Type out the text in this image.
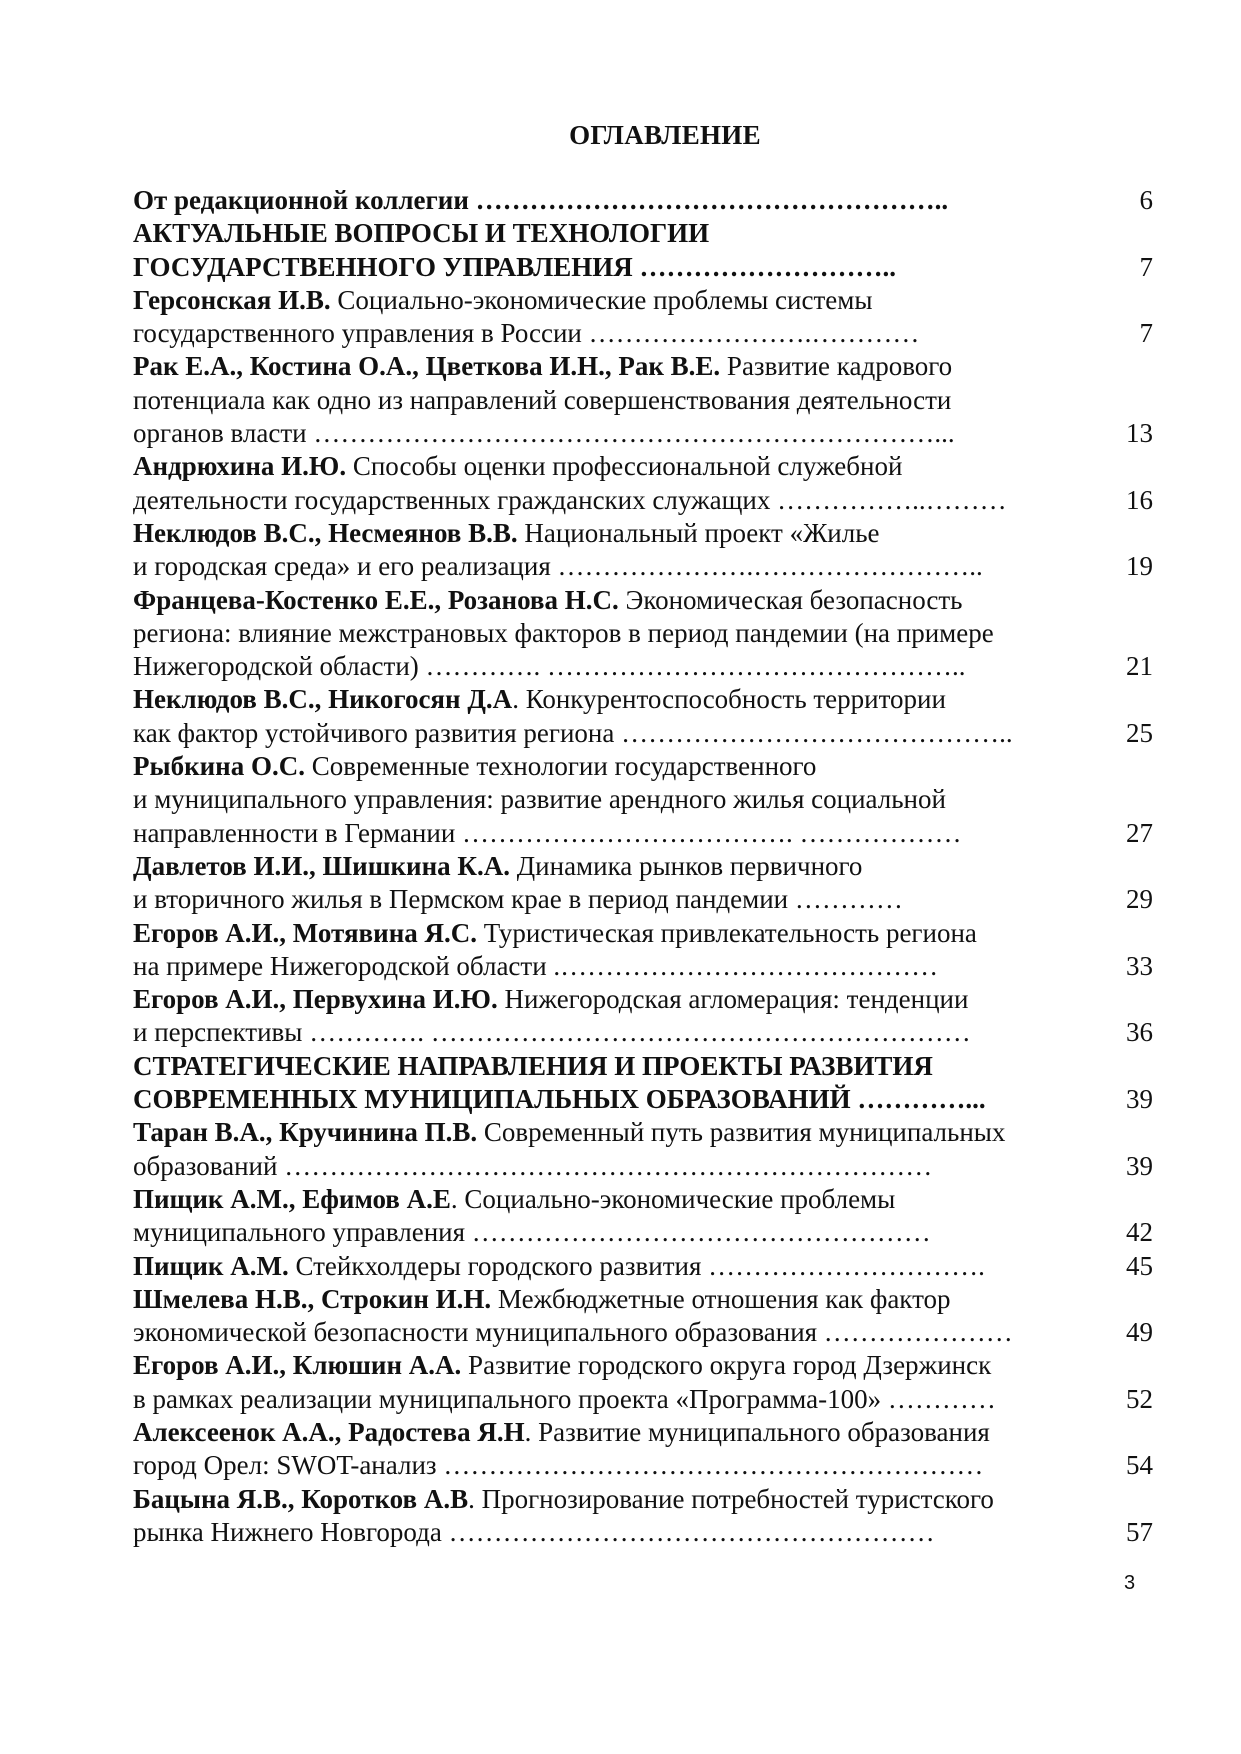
ОГЛАВЛЕНИЕ
От редакционной коллегии ……………………………………………..	6
АКТУАЛЬНЫЕ ВОПРОСЫ И ТЕХНОЛОГИИ
ГОСУДАРСТВЕННОГО УПРАВЛЕНИЯ ………………………..	7
Герсонская И.В. Социально-экономические проблемы системы
государственного управления в России …………………….…………	7
Рак Е.А., Костина О.А., Цветкова И.Н., Рак В.Е. Развитие кадрового
потенциала как одно из направлений совершенствования деятельности
органов власти ……………………………………………………………...	13
Андрюхина И.Ю. Способы оценки профессиональной служебной
деятельности государственных гражданских служащих ……………..………	16
Неклюдов В.С., Несмеянов В.В. Национальный проект «Жилье
и городская среда» и его реализация ………………….……………………..	19
Францева-Костенко Е.Е., Розанова Н.С. Экономическая безопасность
региона: влияние межстрановых факторов в период пандемии (на примере
Нижегородской области) …………. ………………………………………..	21
Неклюдов В.С., Никогосян Д.А. Конкурентоспособность территории
как фактор устойчивого развития региона ……………………………………..	25
Рыбкина О.С. Современные технологии государственного
и муниципального управления: развитие арендного жилья социальной
направленности в Германии ………………………………. ………………	27
Давлетов И.И., Шишкина К.А. Динамика рынков первичного
и вторичного жилья в Пермском крае в период пандемии …………	29
Егоров А.И., Мотявина Я.С. Туристическая привлекательность региона
на примере Нижегородской области .……………………………………	33
Егоров А.И., Первухина И.Ю. Нижегородская агломерация: тенденции
и перспективы …………. ……………………………………………………	36
СТРАТЕГИЧЕСКИЕ НАПРАВЛЕНИЯ И ПРОЕКТЫ РАЗВИТИЯ
СОВРЕМЕННЫХ МУНИЦИПАЛЬНЫХ ОБРАЗОВАНИЙ …………...	39
Таран В.А., Кручинина П.В. Современный путь развития муниципальных
образований ………………………………………………………………	39
Пищик А.М., Ефимов А.Е. Социально-экономические проблемы
муниципального управления ……………………………………………	42
Пищик А.М. Стейкхолдеры городского развития ………………………….	45
Шмелева Н.В., Строкин И.Н. Межбюджетные отношения как фактор
экономической безопасности муниципального образования …………………	49
Егоров А.И., Клюшин А.А. Развитие городского округа город Дзержинск
в рамках реализации муниципального проекта «Программа-100» …………	52
Алексеенок А.А., Радостева Я.Н. Развитие муниципального образования
город Орел: SWOT-анализ ……………………………………………………	54
Бацына Я.В., Коротков А.В. Прогнозирование потребностей туристского
рынка Нижнего Новгорода ………………………………………………	57
3
